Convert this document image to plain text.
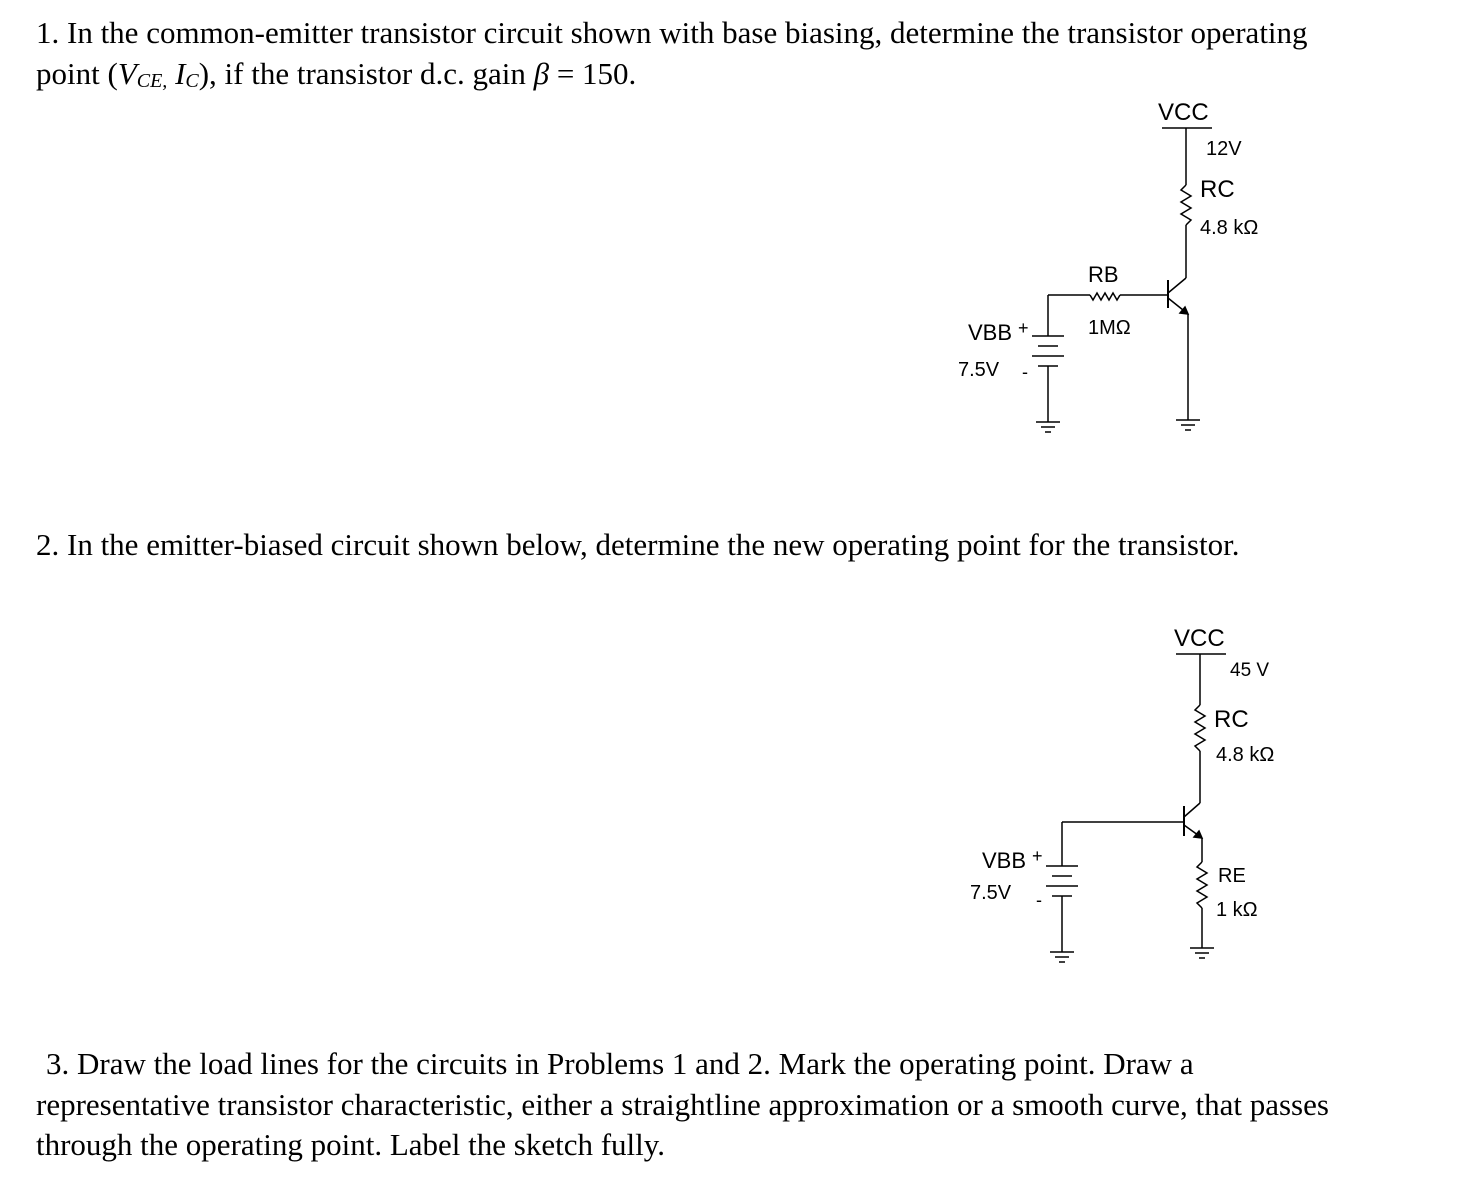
1. In the common-emitter transistor circuit shown with base biasing, determine the transistor operating

point ($V_{CE,}$ $I_C$), if the transistor d.c. gain β = 150.

VCC
12V
RC
4.8 kΩ
RB
1MΩ
VBB +
7.5V -

2. In the emitter-biased circuit shown below, determine the new operating point for the transistor.

VCC
45 V
RC
4.8 kΩ
RE
1 kΩ
VBB +
7.5V -

3. Draw the load lines for the circuits in Problems 1 and 2. Mark the operating point. Draw a

representative transistor characteristic, either a straightline approximation or a smooth curve, that passes

through the operating point. Label the sketch fully.
